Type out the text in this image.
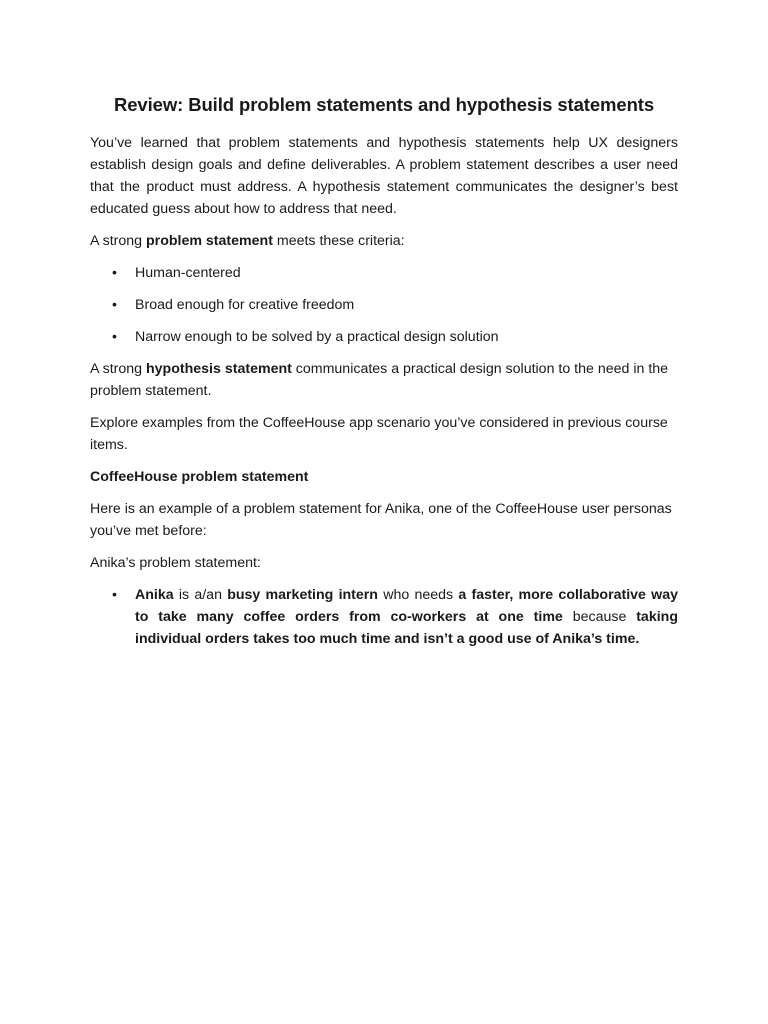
Review: Build problem statements and hypothesis statements

You’ve learned that problem statements and hypothesis statements help UX designers establish design goals and define deliverables. A problem statement describes a user need that the product must address. A hypothesis statement communicates the designer’s best educated guess about how to address that need.

A strong problem statement meets these criteria:

• Human-centered
• Broad enough for creative freedom
• Narrow enough to be solved by a practical design solution

A strong hypothesis statement communicates a practical design solution to the need in the problem statement.

Explore examples from the CoffeeHouse app scenario you’ve considered in previous course items.

CoffeeHouse problem statement

Here is an example of a problem statement for Anika, one of the CoffeeHouse user personas you’ve met before:

Anika’s problem statement:

• Anika is a/an busy marketing intern who needs a faster, more collaborative way to take many coffee orders from co-workers at one time because taking individual orders takes too much time and isn’t a good use of Anika’s time.
